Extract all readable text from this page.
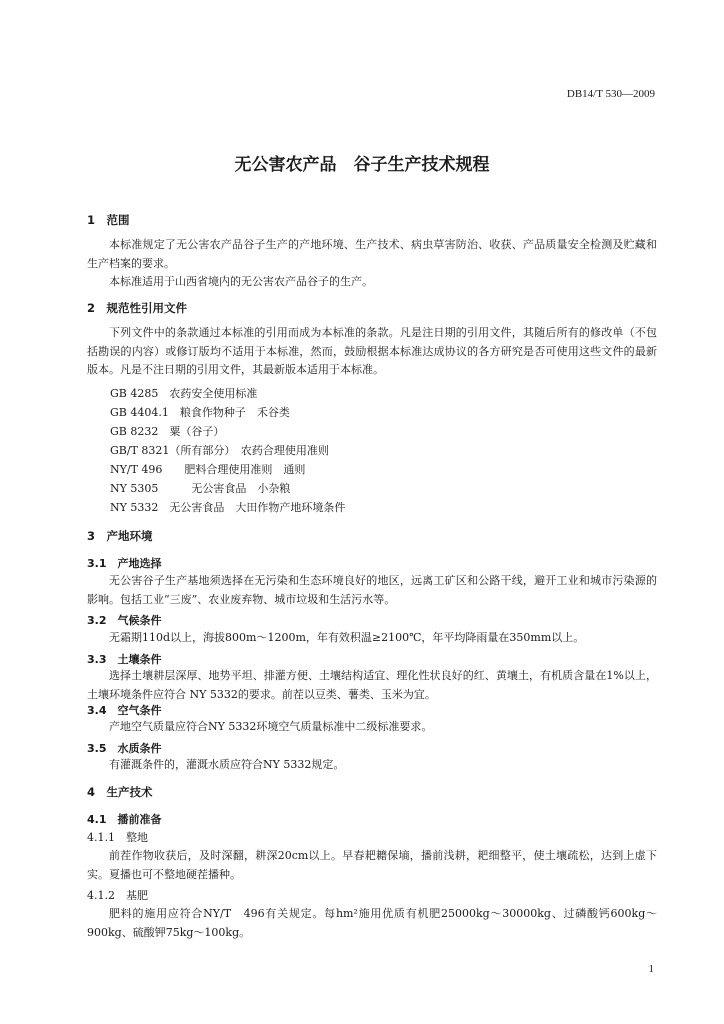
DB14/T 530—2009
无公害农产品　谷子生产技术规程
1　范围
本标准规定了无公害农产品谷子生产的产地环境、生产技术、病虫草害防治、收获、产品质量安全检测及贮藏和生产档案的要求。
本标准适用于山西省境内的无公害农产品谷子的生产。
2　规范性引用文件
下列文件中的条款通过本标准的引用而成为本标准的条款。凡是注日期的引用文件，其随后所有的修改单（不包括勘误的内容）或修订版均不适用于本标准，然而，鼓励根据本标准达成协议的各方研究是否可使用这些文件的最新版本。凡是不注日期的引用文件，其最新版本适用于本标准。
GB 4285　农药安全使用标准
GB 4404.1　粮食作物种子　禾谷类
GB 8232　粟（谷子）
GB/T 8321（所有部分）　农药合理使用准则
NY/T 496　　肥料合理使用准则　通则
NY 5305　　　无公害食品　小杂粮
NY 5332　无公害食品　大田作物产地环境条件
3　产地环境
3.1　产地选择
无公害谷子生产基地须选择在无污染和生态环境良好的地区，远离工矿区和公路干线，避开工业和城市污染源的影响。包括工业“三废”、农业废弃物、城市垃圾和生活污水等。
3.2　气候条件
无霜期110d以上，海拔800m～1200m，年有效积温≥2100℃，年平均降雨量在350mm以上。
3.3　土壤条件
选择土壤耕层深厚、地势平坦、排灌方便、土壤结构适宜、理化性状良好的红、黄壤土，有机质含量在1%以上，土壤环境条件应符合 NY 5332的要求。前茬以豆类、薯类、玉米为宜。
3.4　空气条件
产地空气质量应符合NY 5332环境空气质量标准中二级标准要求。
3.5　水质条件
有灌溉条件的，灌溉水质应符合NY 5332规定。
4　生产技术
4.1　播前准备
4.1.1　整地
前茬作物收获后，及时深翻，耕深20cm以上。早春耙耱保墒，播前浅耕，耙细整平，使土壤疏松，达到上虚下实。夏播也可不整地硬茬播种。
4.1.2　基肥
肥料的施用应符合NY/T　496有关规定。每hm²施用优质有机肥25000kg～30000kg、过磷酸钙600kg～900kg、硫酸钾75kg～100kg。
1
